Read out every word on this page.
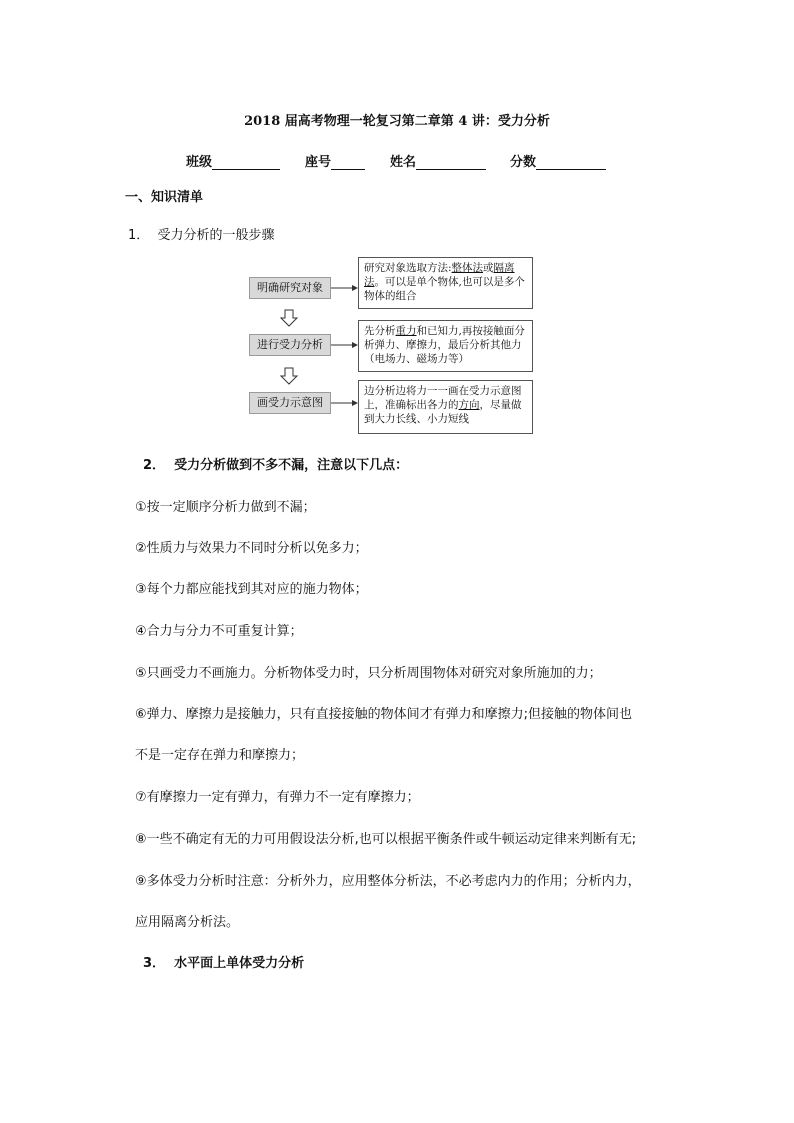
2018 届高考物理一轮复习第二章第 4 讲：受力分析
班级	座号	姓名	分数
一、知识清单
1． 受力分析的一般步骤
明确研究对象
进行受力分析
画受力示意图
研究对象选取方法:整体法或隔离法。可以是单个物体,也可以是多个物体的组合
先分析重力和已知力,再按接触面分析弹力、摩擦力，最后分析其他力（电场力、磁场力等）
边分析边将力一一画在受力示意图上，准确标出各力的方向，尽量做到大力长线、小力短线
2． 受力分析做到不多不漏，注意以下几点：
①按一定顺序分析力做到不漏；
②性质力与效果力不同时分析以免多力；
③每个力都应能找到其对应的施力物体；
④合力与分力不可重复计算；
⑤只画受力不画施力。分析物体受力时，只分析周围物体对研究对象所施加的力；
⑥弹力、摩擦力是接触力，只有直接接触的物体间才有弹力和摩擦力;但接触的物体间也
不是一定存在弹力和摩擦力；
⑦有摩擦力一定有弹力，有弹力不一定有摩擦力；
⑧一些不确定有无的力可用假设法分析,也可以根据平衡条件或牛顿运动定律来判断有无;
⑨多体受力分析时注意：分析外力，应用整体分析法，不必考虑内力的作用；分析内力，
应用隔离分析法。
3． 水平面上单体受力分析
